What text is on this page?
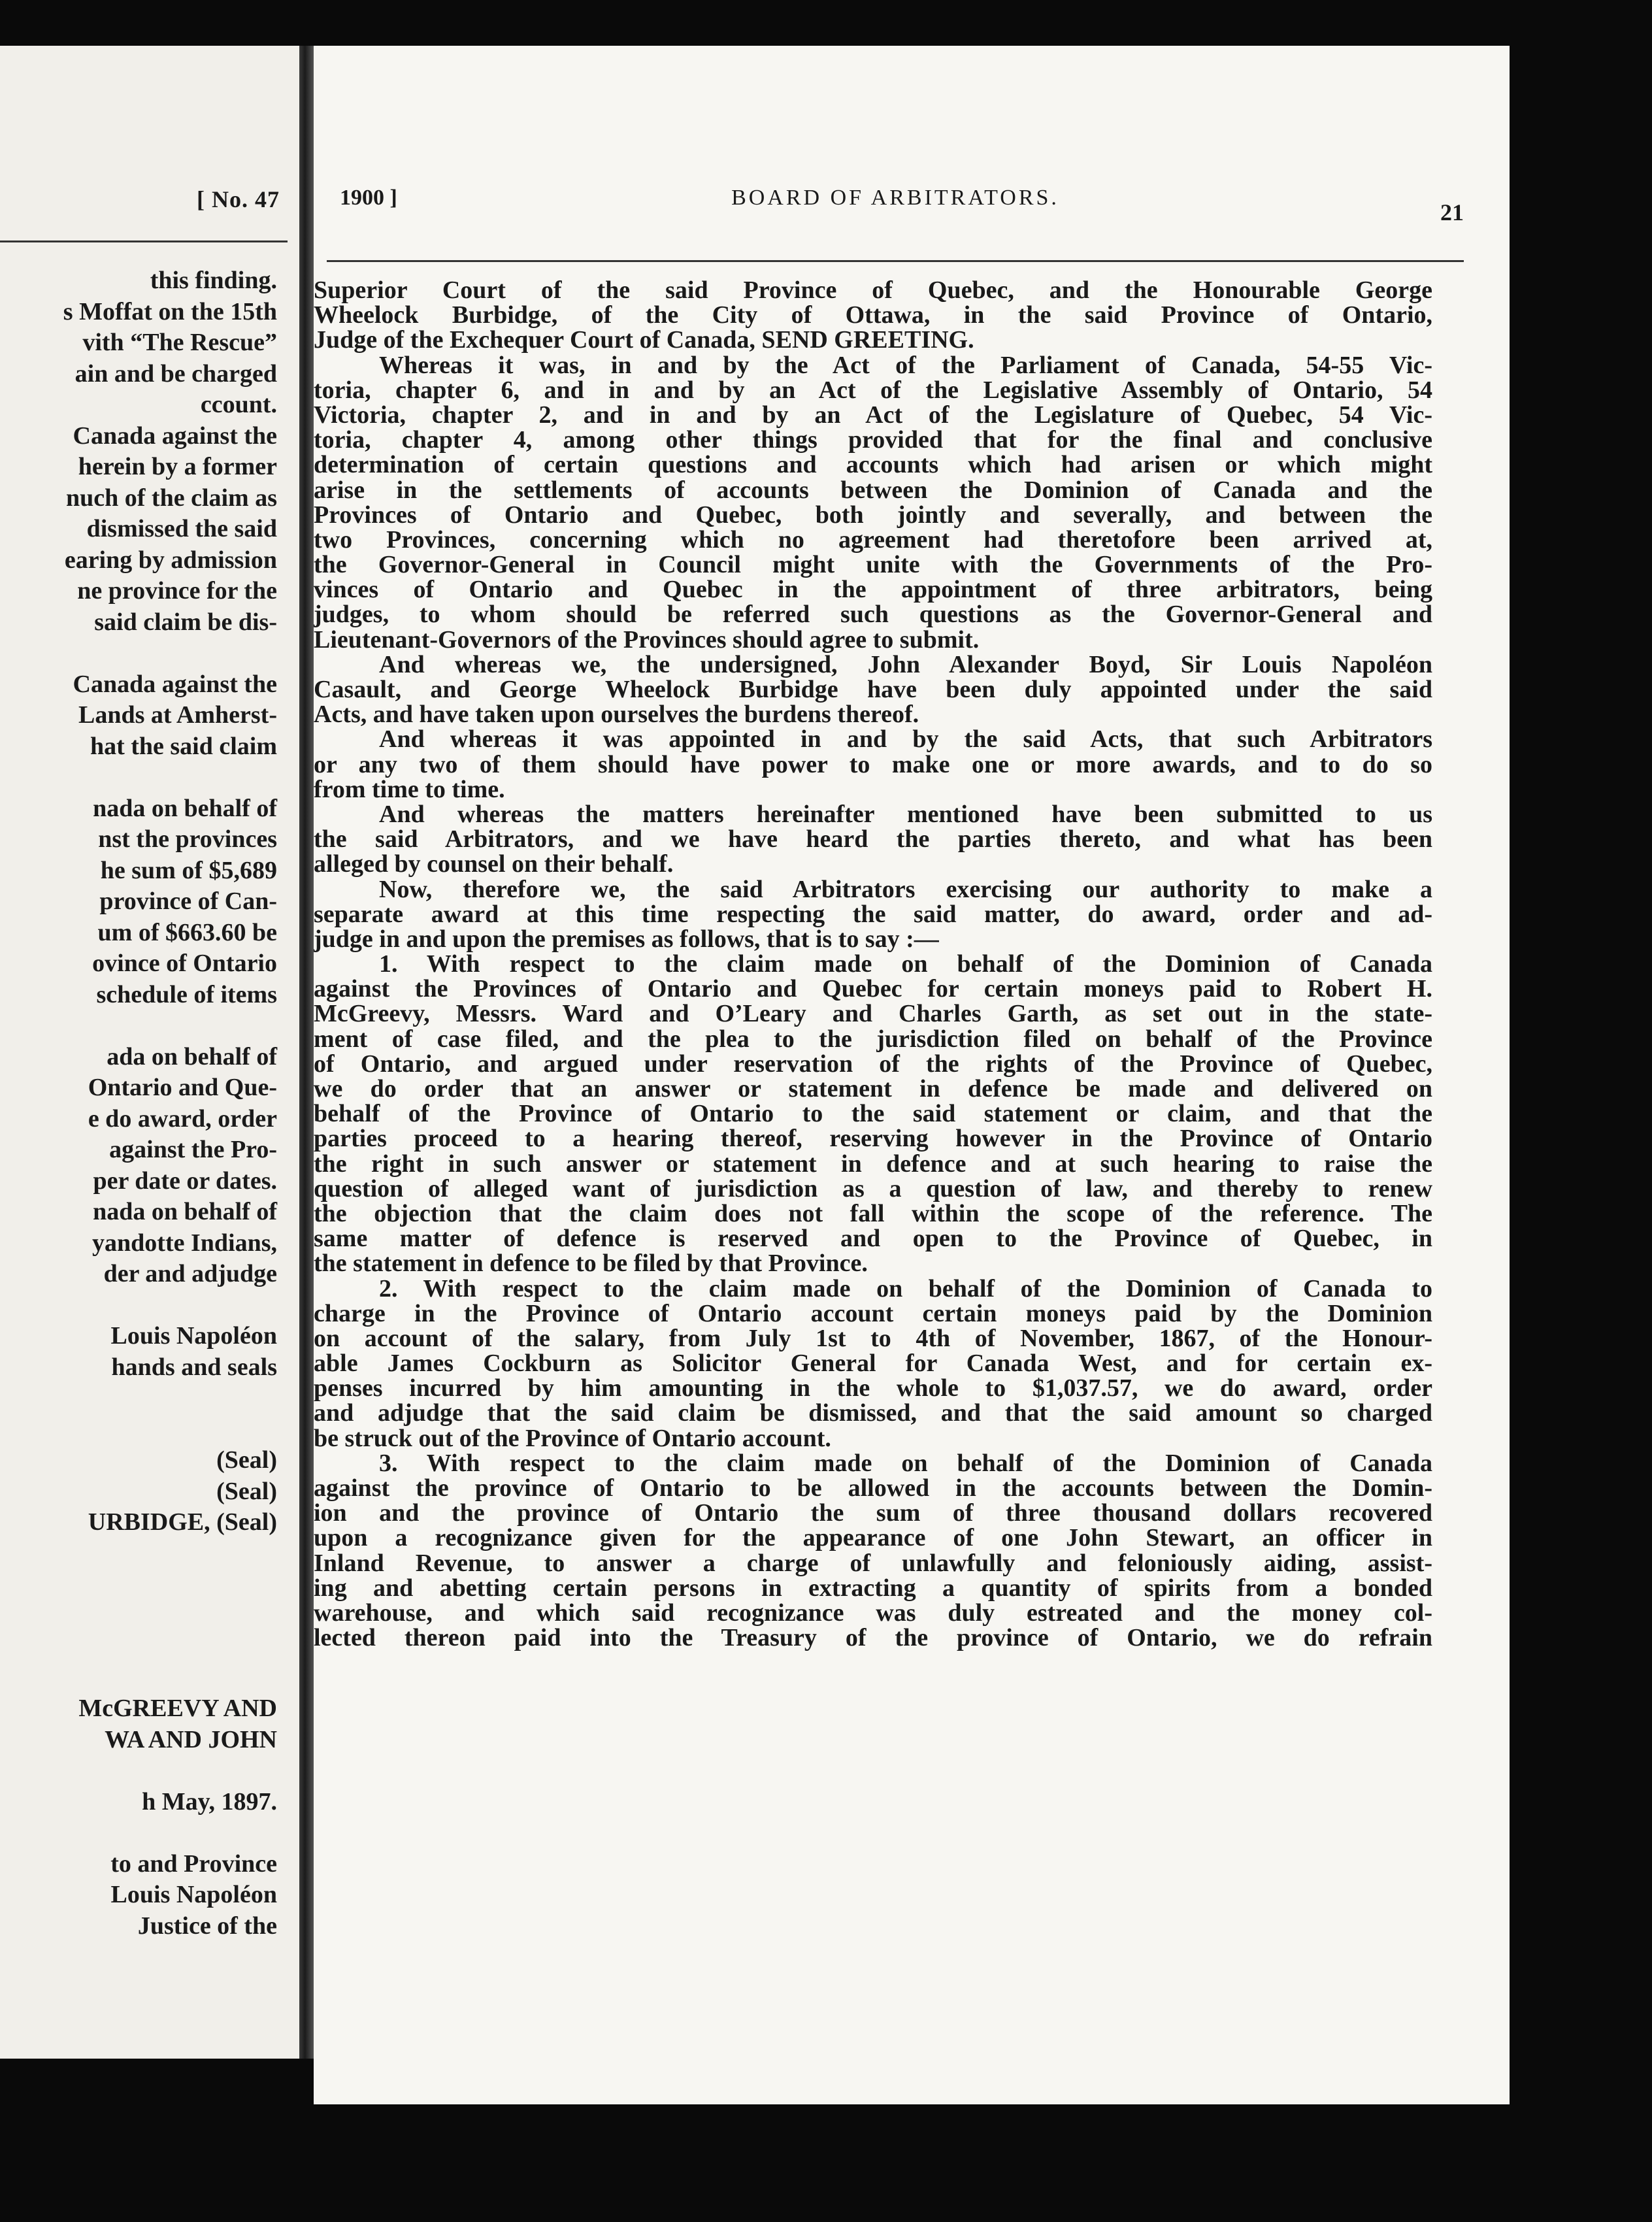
[ No. 47
this finding.
s Moffat on the 15th
vith “The Rescue”
ain and be charged
ccount.
Canada against the
herein by a former
nuch of the claim as
dismissed the said
earing by admission
ne province for the
said claim be dis-

Canada against the
Lands at Amherst-
hat the said claim

nada on behalf of
nst the provinces
he sum of $5,689
province of Can-
um of $663.60 be
ovince of Ontario
schedule of items

ada on behalf of
Ontario and Que-
e do award, order
against the Pro-
per date or dates.
nada on behalf of
yandotte Indians,
der and adjudge

Louis Napoléon
hands and seals

(Seal)
(Seal)
URBIDGE, (Seal)

McGREEVY AND
WA AND JOHN

h May, 1897.

to and Province
Louis Napoléon
Justice of the
1900 ]	BOARD OF ARBITRATORS.
21
Superior Court of the said Province of Quebec, and the Honourable George
Wheelock Burbidge, of the City of Ottawa, in the said Province of Ontario,
Judge of the Exchequer Court of Canada, SEND GREETING.
Whereas it was, in and by the Act of the Parliament of Canada, 54-55 Vic-
toria, chapter 6, and in and by an Act of the Legislative Assembly of Ontario, 54
Victoria, chapter 2, and in and by an Act of the Legislature of Quebec, 54 Vic-
toria, chapter 4, among other things provided that for the final and conclusive
determination of certain questions and accounts which had arisen or which might
arise in the settlements of accounts between the Dominion of Canada and the
Provinces of Ontario and Quebec, both jointly and severally, and between the
two Provinces, concerning which no agreement had theretofore been arrived at,
the Governor-General in Council might unite with the Governments of the Pro-
vinces of Ontario and Quebec in the appointment of three arbitrators, being
judges, to whom should be referred such questions as the Governor-General and
Lieutenant-Governors of the Provinces should agree to submit.
And whereas we, the undersigned, John Alexander Boyd, Sir Louis Napoléon
Casault, and George Wheelock Burbidge have been duly appointed under the said
Acts, and have taken upon ourselves the burdens thereof.
And whereas it was appointed in and by the said Acts, that such Arbitrators
or any two of them should have power to make one or more awards, and to do so
from time to time.
And whereas the matters hereinafter mentioned have been submitted to us
the said Arbitrators, and we have heard the parties thereto, and what has been
alleged by counsel on their behalf.
Now, therefore we, the said Arbitrators exercising our authority to make a
separate award at this time respecting the said matter, do award, order and ad-
judge in and upon the premises as follows, that is to say :—
1. With respect to the claim made on behalf of the Dominion of Canada
against the Provinces of Ontario and Quebec for certain moneys paid to Robert H.
McGreevy, Messrs. Ward and O’Leary and Charles Garth, as set out in the state-
ment of case filed, and the plea to the jurisdiction filed on behalf of the Province
of Ontario, and argued under reservation of the rights of the Province of Quebec,
we do order that an answer or statement in defence be made and delivered on
behalf of the Province of Ontario to the said statement or claim, and that the
parties proceed to a hearing thereof, reserving however in the Province of Ontario
the right in such answer or statement in defence and at such hearing to raise the
question of alleged want of jurisdiction as a question of law, and thereby to renew
the objection that the claim does not fall within the scope of the reference. The
same matter of defence is reserved and open to the Province of Quebec, in
the statement in defence to be filed by that Province.
2. With respect to the claim made on behalf of the Dominion of Canada to
charge in the Province of Ontario account certain moneys paid by the Dominion
on account of the salary, from July 1st to 4th of November, 1867, of the Honour-
able James Cockburn as Solicitor General for Canada West, and for certain ex-
penses incurred by him amounting in the whole to $1,037.57, we do award, order
and adjudge that the said claim be dismissed, and that the said amount so charged
be struck out of the Province of Ontario account.
3. With respect to the claim made on behalf of the Dominion of Canada
against the province of Ontario to be allowed in the accounts between the Domin-
ion and the province of Ontario the sum of three thousand dollars recovered
upon a recognizance given for the appearance of one John Stewart, an officer in
Inland Revenue, to answer a charge of unlawfully and feloniously aiding, assist-
ing and abetting certain persons in extracting a quantity of spirits from a bonded
warehouse, and which said recognizance was duly estreated and the money col-
lected thereon paid into the Treasury of the province of Ontario, we do refrain
